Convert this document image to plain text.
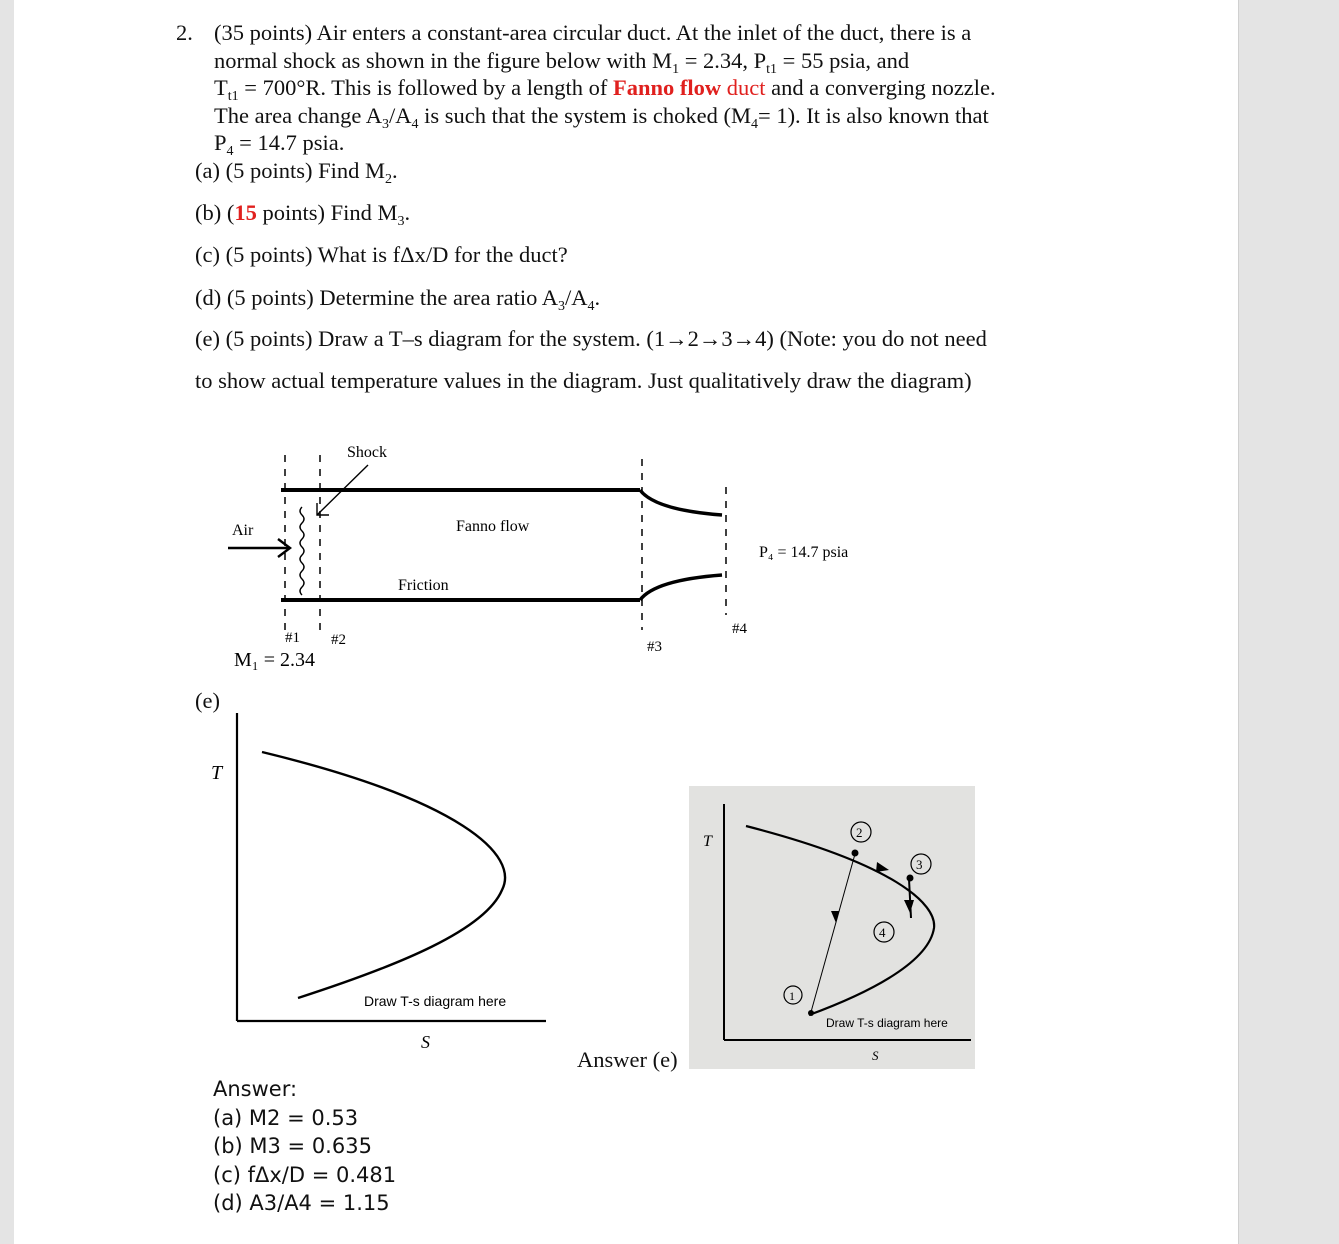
2. (35 points) Air enters a constant-area circular duct. At the inlet of the duct, there is a
normal shock as shown in the figure below with $M_1 = 2.34$, $P_{t1} = 55$ psia, and
$T_{t1} = 700^\circ R$. This is followed by a length of Fanno flow duct and a converging nozzle.
The area change $A_3/A_4$ is such that the system is choked $(M_4= 1)$. It is also known that
$P_4 = 14.7$ psia.
(a) (5 points) Find $M_2$.
(b) (15 points) Find $M_3$.
(c) (5 points) What is fΔx/D for the duct?
(d) (5 points) Determine the area ratio $A_3/A_4$.
(e) (5 points) Draw a T–s diagram for the system. (1→2→3→4) (Note: you do not need
to show actual temperature values in the diagram. Just qualitatively draw the diagram)
Shock
Air	Fanno flow
Friction
P₄ = 14.7 psia
#1 #2	#3
#4
M₁ = 2.34
(e)
T
S
Draw T-s diagram here
Answer (e)
2
3
4
1
T
S
Draw T-s diagram here
Answer:
(a) M2 = 0.53
(b) M3 = 0.635
(c) fΔx/D = 0.481
(d) A3/A4 = 1.15
